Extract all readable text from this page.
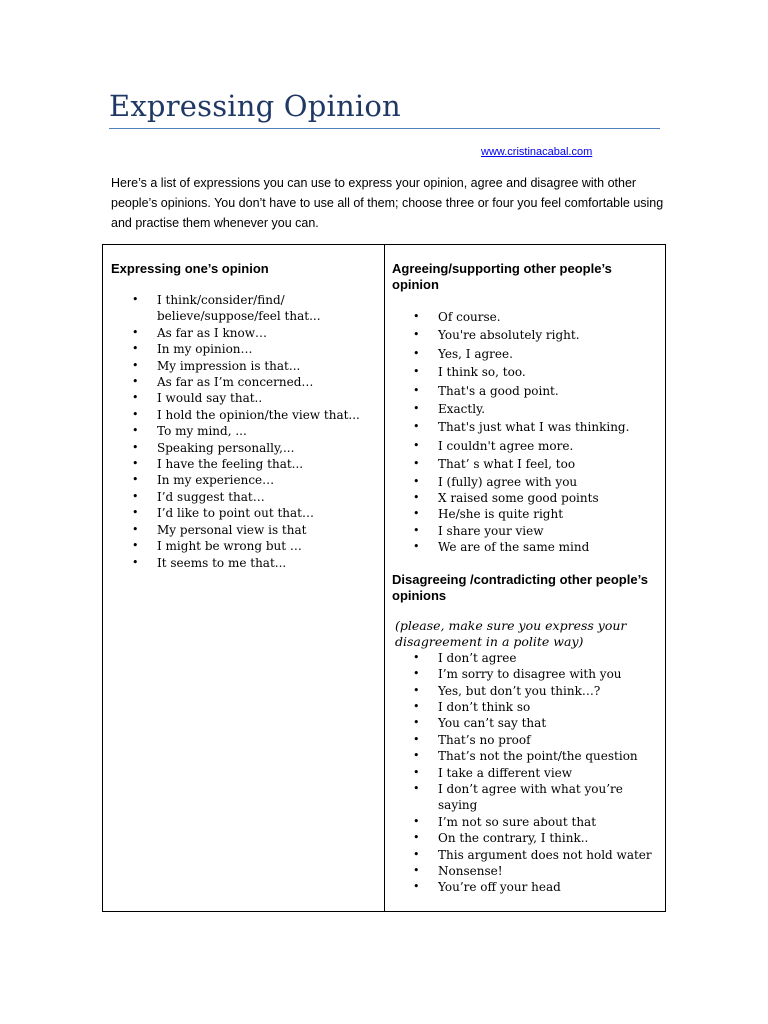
Expressing Opinion
www.cristinacabal.com

Here’s a list of expressions you can use to express your opinion, agree and disagree with other people’s opinions. You don’t have to use all of them; choose three or four you feel comfortable using and practise them whenever you can.

Expressing one’s opinion

• I think/consider/find/ believe/suppose/feel that...
• As far as I know…
• In my opinion…
• My impression is that...
• As far as I’m concerned…
• I would say that..
• I hold the opinion/the view that...
• To my mind, ...
• Speaking personally,...
• I have the feeling that...
• In my experience…
• I’d suggest that…
• I’d like to point out that…
• My personal view is that
• I might be wrong but …
• It seems to me that...

Agreeing/supporting other people’s opinion

• Of course.
• You're absolutely right.
• Yes, I agree.
• I think so, too.
• That's a good point.
• Exactly.
• That's just what I was thinking.
• I couldn't agree more.
• That’ s what I feel, too
• I (fully) agree with you
• X raised some good points
• He/she is quite right
• I share your view
• We are of the same mind

Disagreeing /contradicting other people’s opinions

(please, make sure you express your disagreement in a polite way)

• I don’t agree
• I’m sorry to disagree with you
• Yes, but don’t you think…?
• I don’t think so
• You can’t say that
• That’s no proof
• That’s not the point/the question
• I take a different view
• I don’t agree with what you’re saying
• I’m not so sure about that
• On the contrary, I think..
• This argument does not hold water
• Nonsense!
• You’re off your head
